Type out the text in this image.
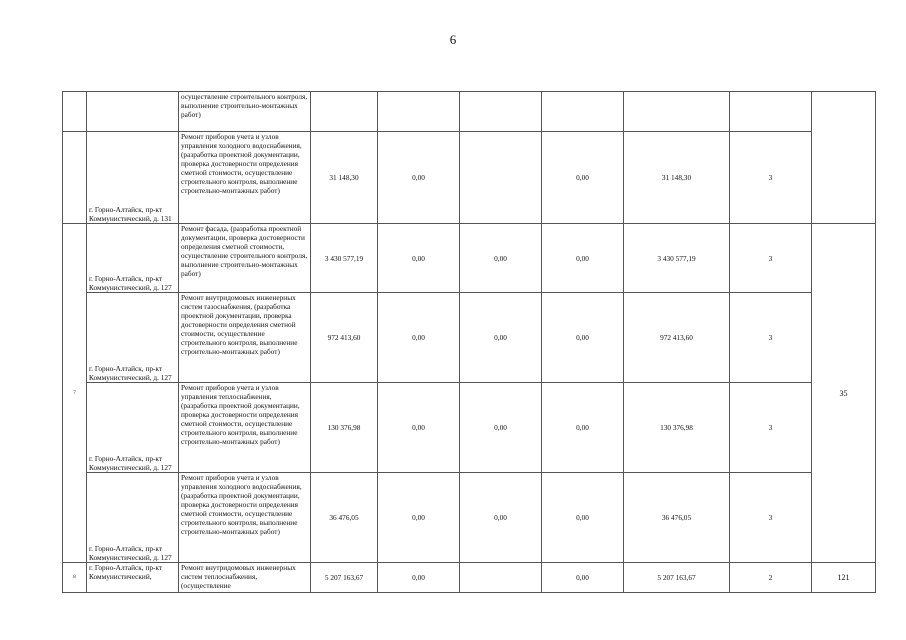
6
		осуществление строительного контроля, выполнение строительно-монтажных работ)							
	г. Горно-Алтайск, пр-кт Коммунистический, д. 131	Ремонт приборов учета и узлов управления холодного водоснабжения, (разработка проектной документации, проверка достоверности определения сметной стоимости, осуществление строительного контроля, выполнение строительно-монтажных работ)	31 148,30	0,00		0,00	31 148,30	3	
7	г. Горно-Алтайск, пр-кт Коммунистический, д. 127	Ремонт фасада, (разработка проектной документации, проверка достоверности определения сметной стоимости, осуществление строительного контроля, выполнение строительно-монтажных работ)	3 430 577,19	0,00	0,00	0,00	3 430 577,19	3	35
	г. Горно-Алтайск, пр-кт Коммунистический, д. 127	Ремонт внутридомовых инженерных систем газоснабжения, (разработка проектной документации, проверка достоверности определения сметной стоимости, осуществление строительного контроля, выполнение строительно-монтажных работ)	972 413,60	0,00	0,00	0,00	972 413,60	3	
	г. Горно-Алтайск, пр-кт Коммунистический, д. 127	Ремонт приборов учета и узлов управления теплоснабжения, (разработка проектной документации, проверка достоверности определения сметной стоимости, осуществление строительного контроля, выполнение строительно-монтажных работ)	130 376,98	0,00	0,00	0,00	130 376,98	3	
	г. Горно-Алтайск, пр-кт Коммунистический, д. 127	Ремонт приборов учета и узлов управления холодного водоснабжения, (разработка проектной документации, проверка достоверности определения сметной стоимости, осуществление строительного контроля, выполнение строительно-монтажных работ)	36 476,05	0,00	0,00	0,00	36 476,05	3	
8	г. Горно-Алтайск, пр-кт Коммунистический,	Ремонт внутридомовых инженерных систем теплоснабжения, (осуществление	5 207 163,67	0,00		0,00	5 207 163,67	2	121
